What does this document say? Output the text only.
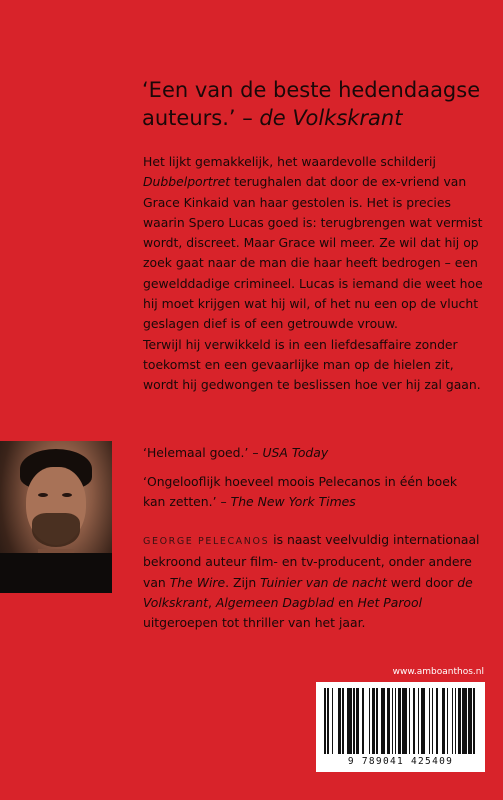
‘Een van de beste hedendaagse auteurs.’ – de Volkskrant

Het lijkt gemakkelijk, het waardevolle schilderij Dubbelportret terughalen dat door de ex-vriend van Grace Kinkaid van haar gestolen is. Het is precies waarin Spero Lucas goed is: terugbrengen wat vermist wordt, discreet. Maar Grace wil meer. Ze wil dat hij op zoek gaat naar de man die haar heeft bedrogen – een gewelddadige crimineel. Lucas is iemand die weet hoe hij moet krijgen wat hij wil, of het nu een op de vlucht geslagen dief is of een getrouwde vrouw.

Terwijl hij verwikkeld is in een liefdesaffaire zonder toekomst en een gevaarlijke man op de hielen zit, wordt hij gedwongen te beslissen hoe ver hij zal gaan.

‘Helemaal goed.’ – USA Today
‘Ongelooflijk hoeveel moois Pelecanos in één boek kan zetten.’ – The New York Times
GEORGE PELECANOS is naast veelvuldig internationaal bekroond auteur film- en tv-producent, onder andere van The Wire. Zijn Tuinier van de nacht werd door de Volkskrant, Algemeen Dagblad en Het Parool uitgeroepen tot thriller van het jaar.
www.amboanthos.nl
9 789041 425409
